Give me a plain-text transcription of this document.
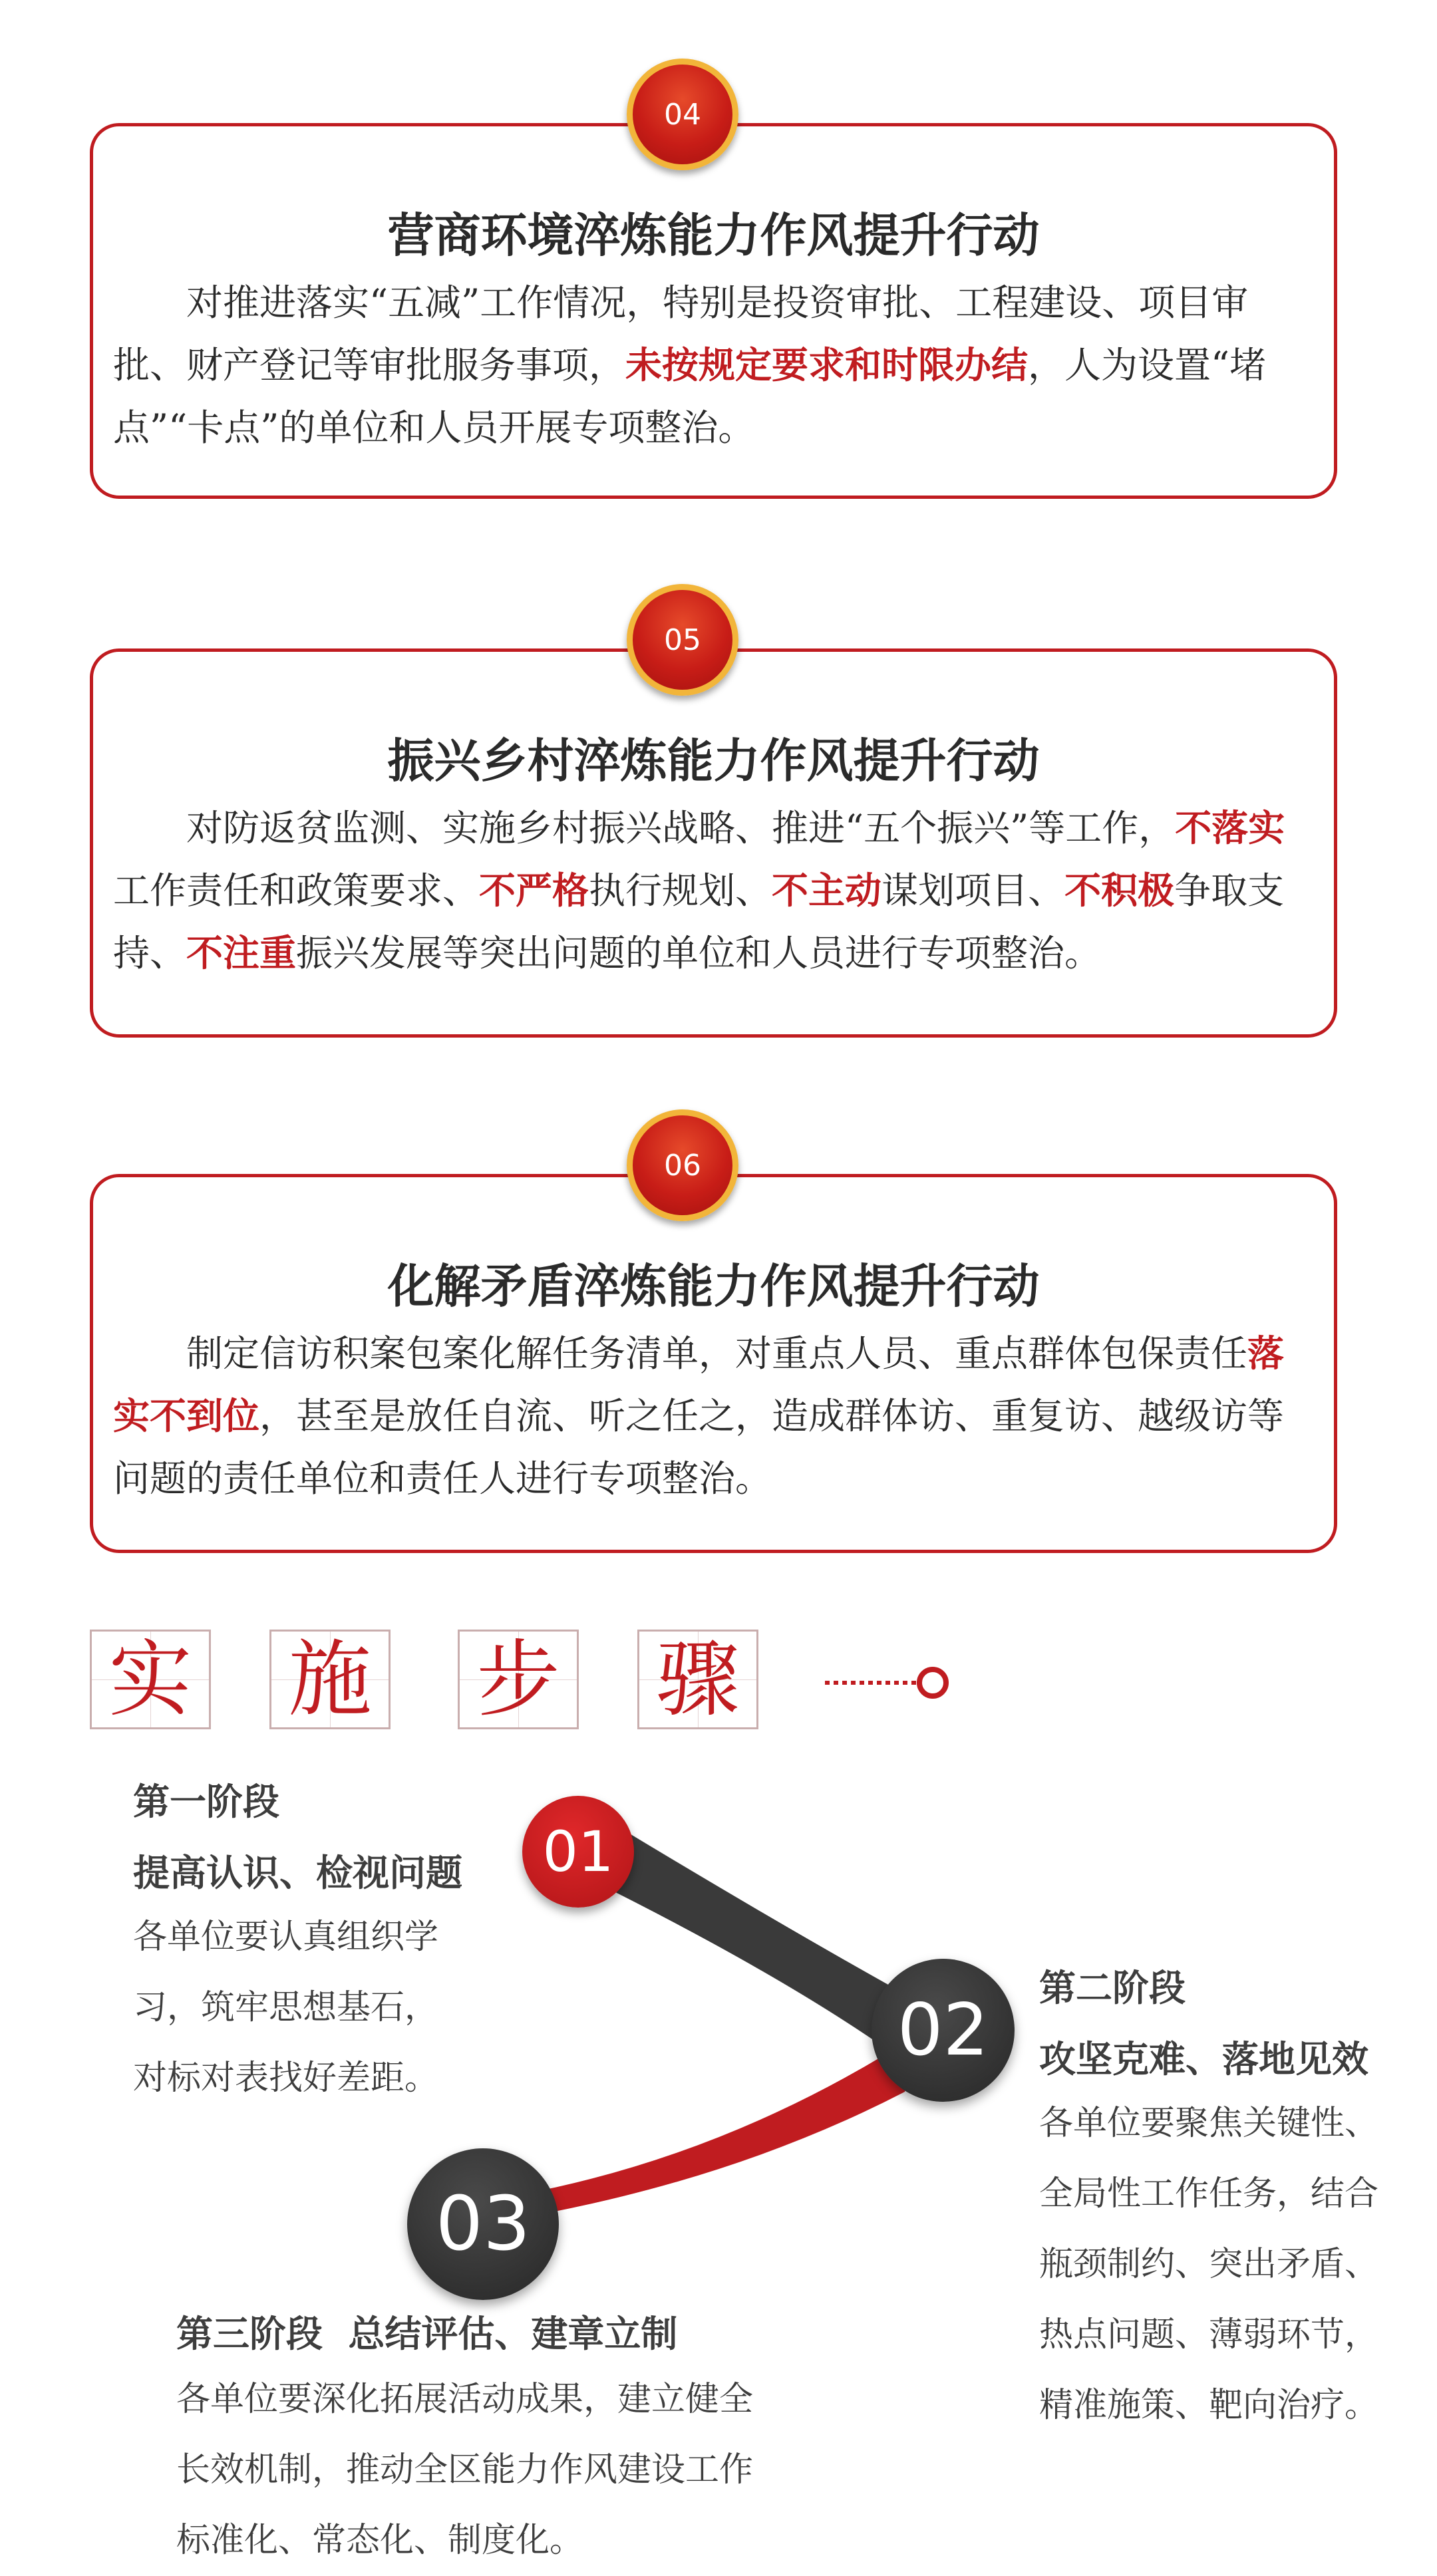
营商环境淬炼能力作风提升行动
对推进落实“五减”工作情况，特别是投资审批、工程建设、项目审批、财产登记等审批服务事项，未按规定要求和时限办结，人为设置“堵点”“卡点”的单位和人员开展专项整治。
04
振兴乡村淬炼能力作风提升行动
对防返贫监测、实施乡村振兴战略、推进“五个振兴”等工作，不落实工作责任和政策要求、不严格执行规划、不主动谋划项目、不积极争取支持、不注重振兴发展等突出问题的单位和人员进行专项整治。
05
化解矛盾淬炼能力作风提升行动
制定信访积案包案化解任务清单，对重点人员、重点群体包保责任落实不到位，甚至是放任自流、听之任之，造成群体访、重复访、越级访等问题的责任单位和责任人进行专项整治。
06
实 施 步 骤
01
02
03
第一阶段
提高认识、检视问题
各单位要认真组织学
习，筑牢思想基石，
对标对表找好差距。
第二阶段
攻坚克难、落地见效
各单位要聚焦关键性、
全局性工作任务，结合
瓶颈制约、突出矛盾、
热点问题、薄弱环节，
精准施策、靶向治疗。
第三阶段 总结评估、建章立制
各单位要深化拓展活动成果，建立健全
长效机制，推动全区能力作风建设工作
标准化、常态化、制度化。
